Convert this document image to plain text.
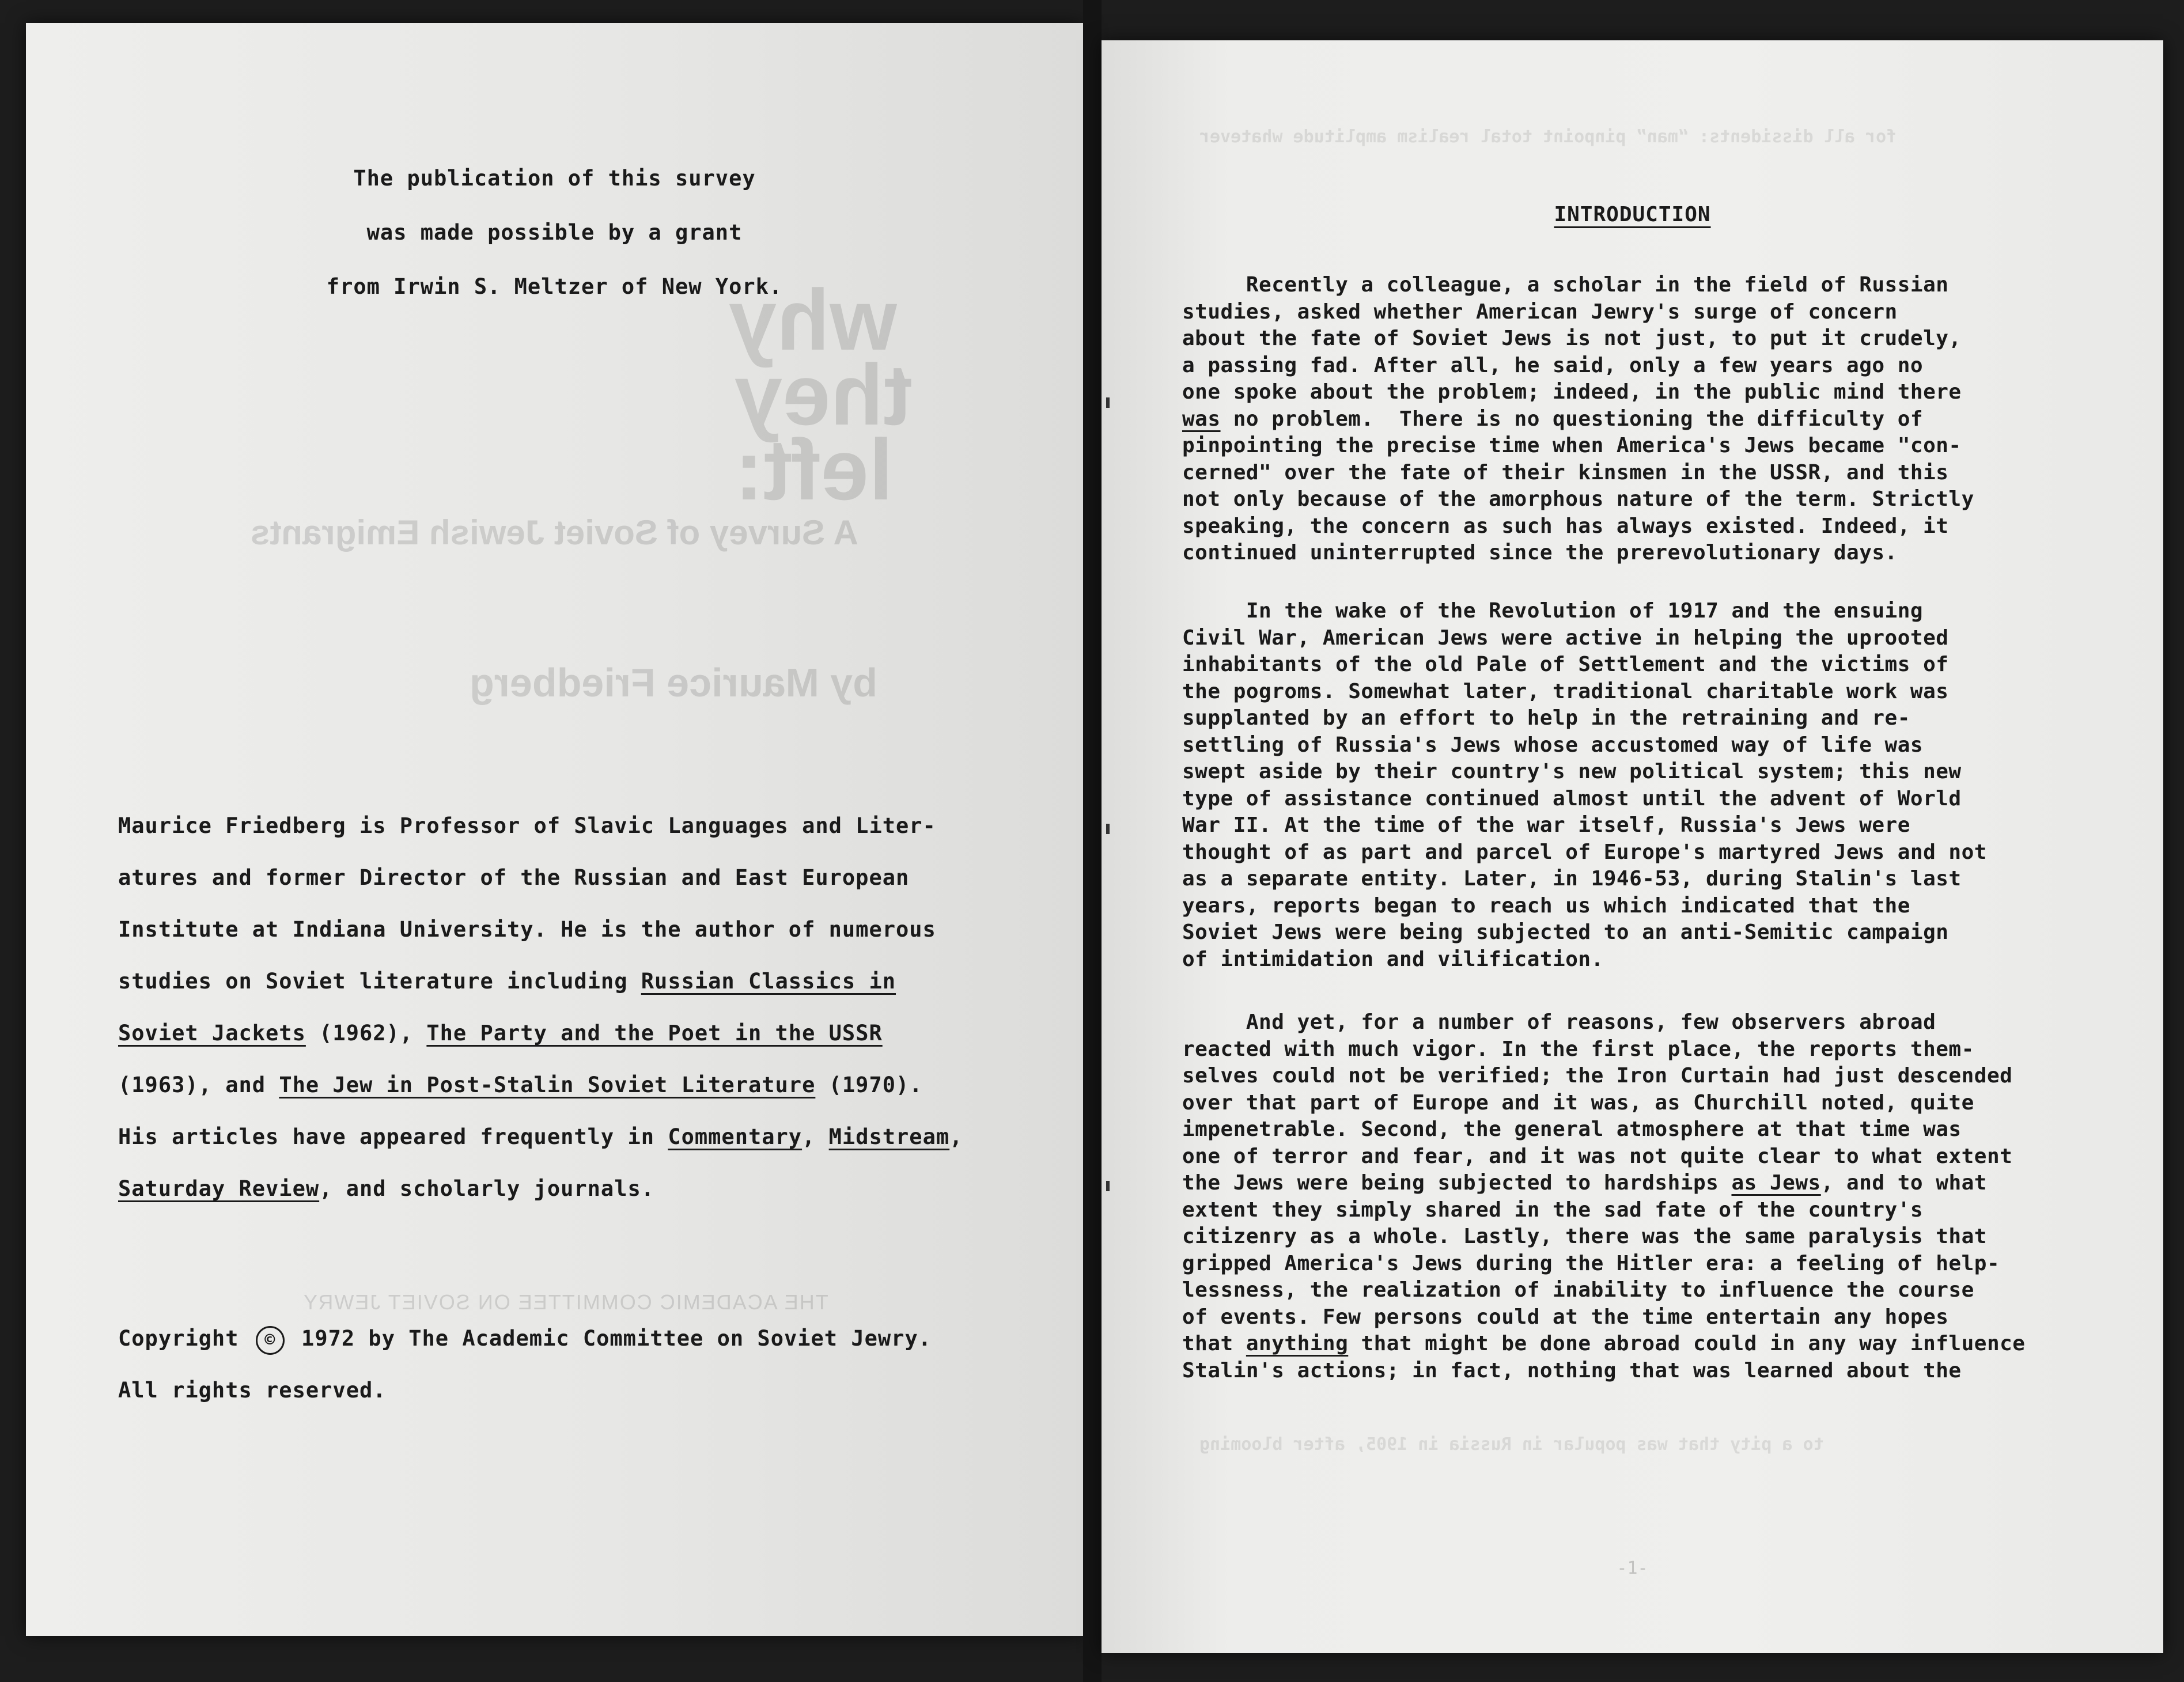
why
they
left:
A Survey of Soviet Jewish Emigrants
by Maurice Friedberg
THE ACADEMIC COMMITTEE ON SOVIET JEWRY
The publication of this survey
was made possible by a grant
from Irwin S. Meltzer of New York.
Maurice Friedberg is Professor of Slavic Languages and Liter-
atures and former Director of the Russian and East European
Institute at Indiana University. He is the author of numerous
studies on Soviet literature including Russian Classics in
Soviet Jackets (1962), The Party and the Poet in the USSR
(1963), and The Jew in Post-Stalin Soviet Literature (1970).
His articles have appeared frequently in Commentary, Midstream,
Saturday Review, and scholarly journals.
Copyright © 1972 by The Academic Committee on Soviet Jewry.
All rights reserved.
for all dissidents: “man” pinpoint total realism amplitude whatever
to a pity that was popular in Russia in 1905, after blooming
INTRODUCTION
Recently a colleague, a scholar in the field of Russian
studies, asked whether American Jewry's surge of concern
about the fate of Soviet Jews is not just, to put it crudely,
a passing fad. After all, he said, only a few years ago no
one spoke about the problem; indeed, in the public mind there
was no problem.  There is no questioning the difficulty of
pinpointing the precise time when America's Jews became "con-
cerned" over the fate of their kinsmen in the USSR, and this
not only because of the amorphous nature of the term. Strictly
speaking, the concern as such has always existed. Indeed, it
continued uninterrupted since the prerevolutionary days.
In the wake of the Revolution of 1917 and the ensuing
Civil War, American Jews were active in helping the uprooted
inhabitants of the old Pale of Settlement and the victims of
the pogroms. Somewhat later, traditional charitable work was
supplanted by an effort to help in the retraining and re-
settling of Russia's Jews whose accustomed way of life was
swept aside by their country's new political system; this new
type of assistance continued almost until the advent of World
War II. At the time of the war itself, Russia's Jews were
thought of as part and parcel of Europe's martyred Jews and not
as a separate entity. Later, in 1946-53, during Stalin's last
years, reports began to reach us which indicated that the
Soviet Jews were being subjected to an anti-Semitic campaign
of intimidation and vilification.
And yet, for a number of reasons, few observers abroad
reacted with much vigor. In the first place, the reports them-
selves could not be verified; the Iron Curtain had just descended
over that part of Europe and it was, as Churchill noted, quite
impenetrable. Second, the general atmosphere at that time was
one of terror and fear, and it was not quite clear to what extent
the Jews were being subjected to hardships as Jews, and to what
extent they simply shared in the sad fate of the country's
citizenry as a whole. Lastly, there was the same paralysis that
gripped America's Jews during the Hitler era: a feeling of help-
lessness, the realization of inability to influence the course
of events. Few persons could at the time entertain any hopes
that anything that might be done abroad could in any way influence
Stalin's actions; in fact, nothing that was learned about the
-1-
